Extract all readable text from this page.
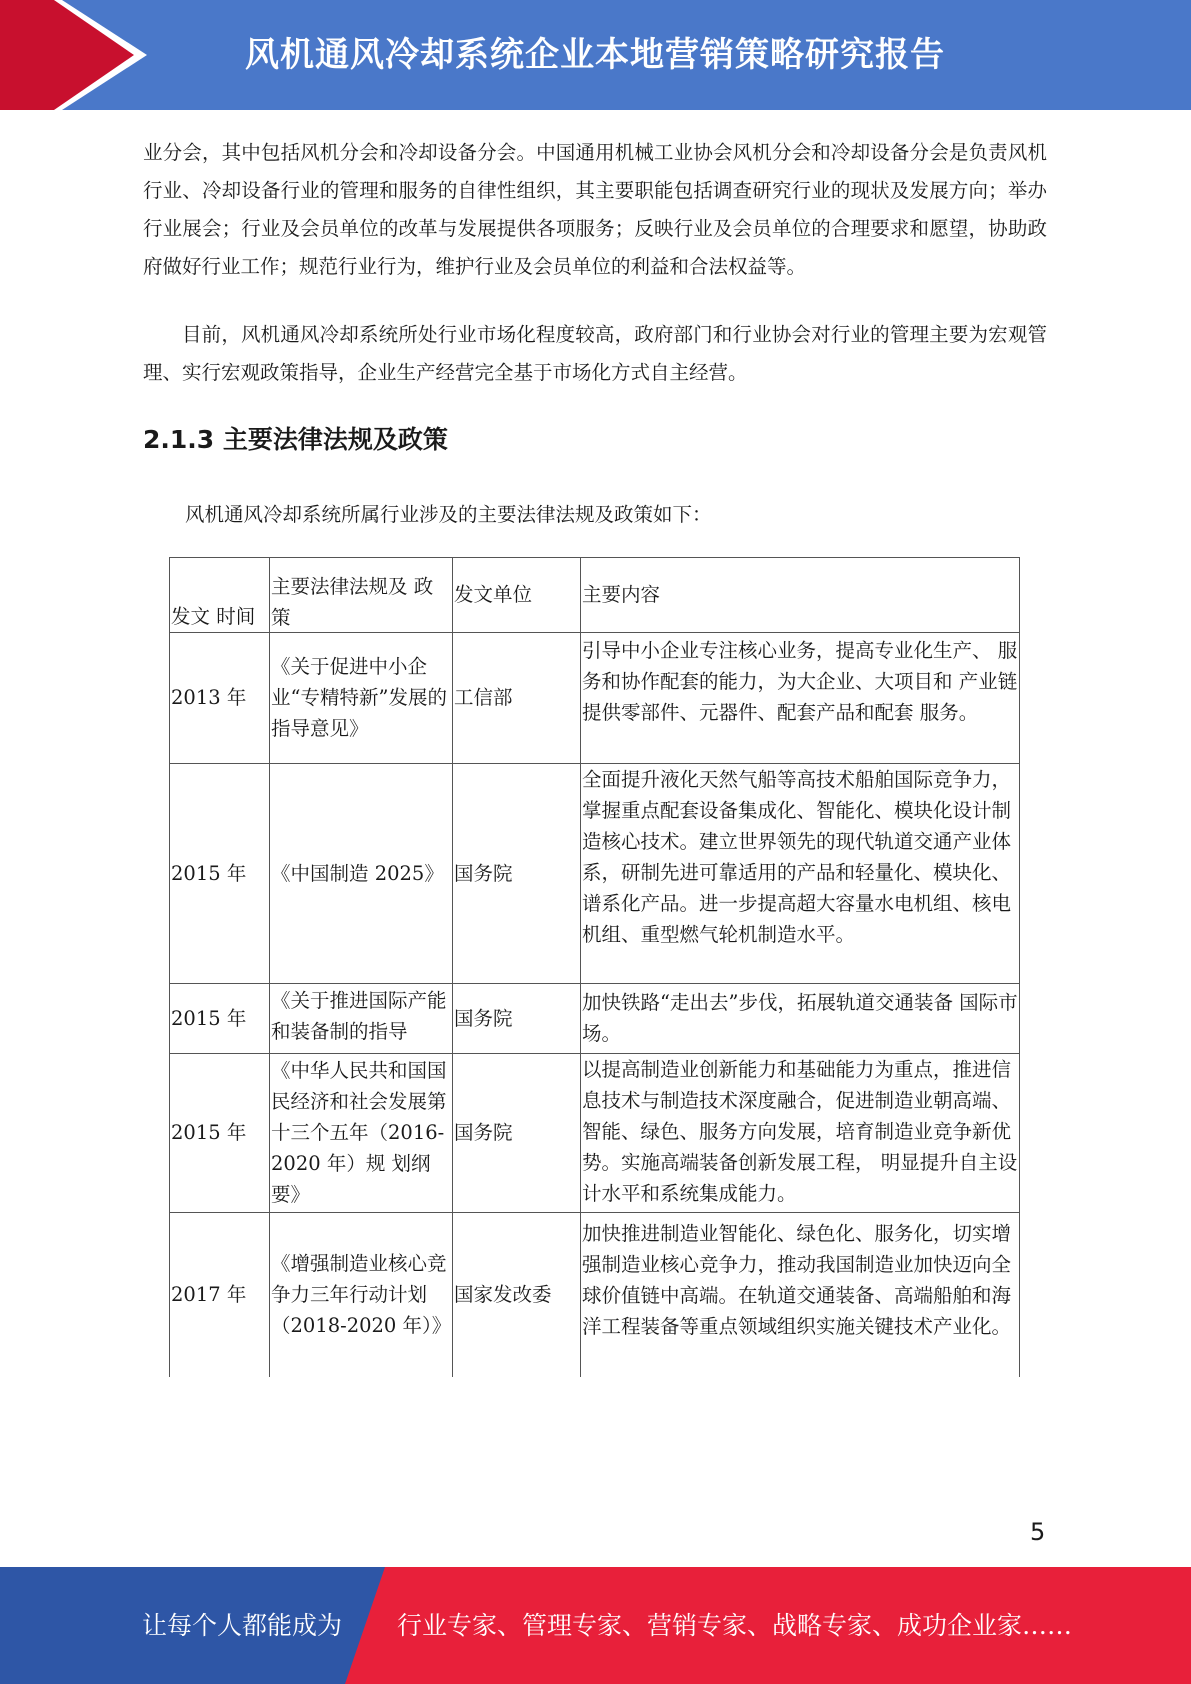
风机通风冷却系统企业本地营销策略研究报告

业分会，其中包括风机分会和冷却设备分会。中国通用机械工业协会风机分会和冷却设备分会是负责风机行业、冷却设备行业的管理和服务的自律性组织，其主要职能包括调查研究行业的现状及发展方向；举办行业展会；行业及会员单位的改革与发展提供各项服务；反映行业及会员单位的合理要求和愿望，协助政府做好行业工作；规范行业行为，维护行业及会员单位的利益和合法权益等。

目前，风机通风冷却系统所处行业市场化程度较高，政府部门和行业协会对行业的管理主要为宏观管理、实行宏观政策指导，企业生产经营完全基于市场化方式自主经营。

2.1.3 主要法律法规及政策

风机通风冷却系统所属行业涉及的主要法律法规及政策如下：

发文 时间
主要法律法规及 政策
发文单位	主要内容
2013 年
《关于促进中小企业“专精特新”发展的指导意见》
工信部
引导中小企业专注核心业务，提高专业化生产、 服务和协作配套的能力，为大企业、大项目和 产业链提供零部件、元器件、配套产品和配套 服务。
2015 年	《中国制造 2025》 国务院
全面提升液化天然气船等高技术船舶国际竞争力，掌握重点配套设备集成化、智能化、模块化设计制造核心技术。建立世界领先的现代轨道交通产业体系，研制先进可靠适用的产品和轻量化、模块化、谱系化产品。进一步提高超大容量水电机组、核电机组、重型燃气轮机制造水平。
2015 年
《关于推进国际产能和装备制的指导
国务院
加快铁路“走出去”步伐，拓展轨道交通装备 国际市场。
2015 年
《中华人民共和国国民经济和社会发展第十三个五年（2016-2020 年）规 划纲要》
国务院
以提高制造业创新能力和基础能力为重点，推进信息技术与制造技术深度融合，促进制造业朝高端、智能、绿色、服务方向发展，培育制造业竞争新优势。实施高端装备创新发展工程， 明显提升自主设计水平和系统集成能力。
2017 年
《增强制造业核心竞争力三年行动计划（2018-2020 年）》
国家发改委
加快推进制造业智能化、绿色化、服务化，切实增强制造业核心竞争力，推动我国制造业加快迈向全球价值链中高端。在轨道交通装备、高端船舶和海洋工程装备等重点领域组织实施关键技术产业化。
5
让每个人都能成为 行业专家、管理专家、营销专家、战略专家、成功企业家……
